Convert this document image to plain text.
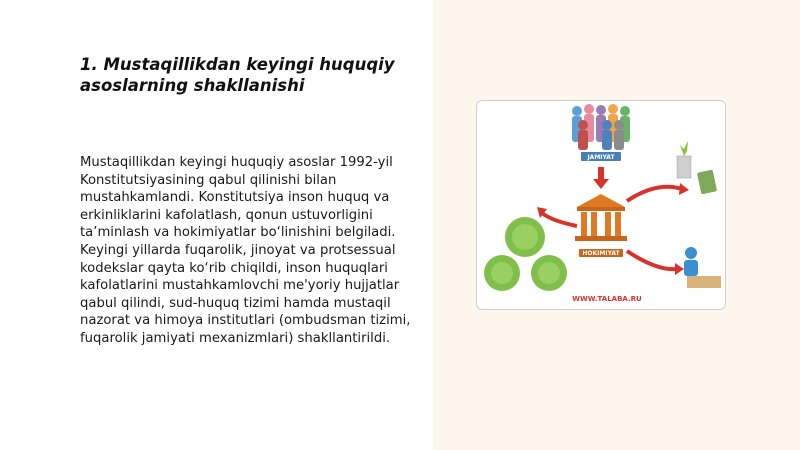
1. Mustaqillikdan keyingi huquqiy asoslarning shakllanishi

Mustaqillikdan keyingi huquqiy asoslar 1992-yil Konstitutsiyasining qabul qilinishi bilan mustahkamlandi. Konstitutsiya inson huquq va erkinliklarini kafolatlash, qonun ustuvorligini ta’minlash va hokimiyatlar bo‘linishini belgiladi. Keyingi yillarda fuqarolik, jinoyat va protsessual kodekslar qayta ko‘rib chiqildi, inson huquqlari kafolatlarini mustahkamlovchi me'yoriy hujjatlar qabul qilindi, sud-huquq tizimi hamda mustaqil nazorat va himoya institutlari (ombudsman tizimi, fuqarolik jamiyati mexanizmlari) shakllantirildi.

JAMIYAT
HOKIMIYAT
WWW.TALABA.RU
